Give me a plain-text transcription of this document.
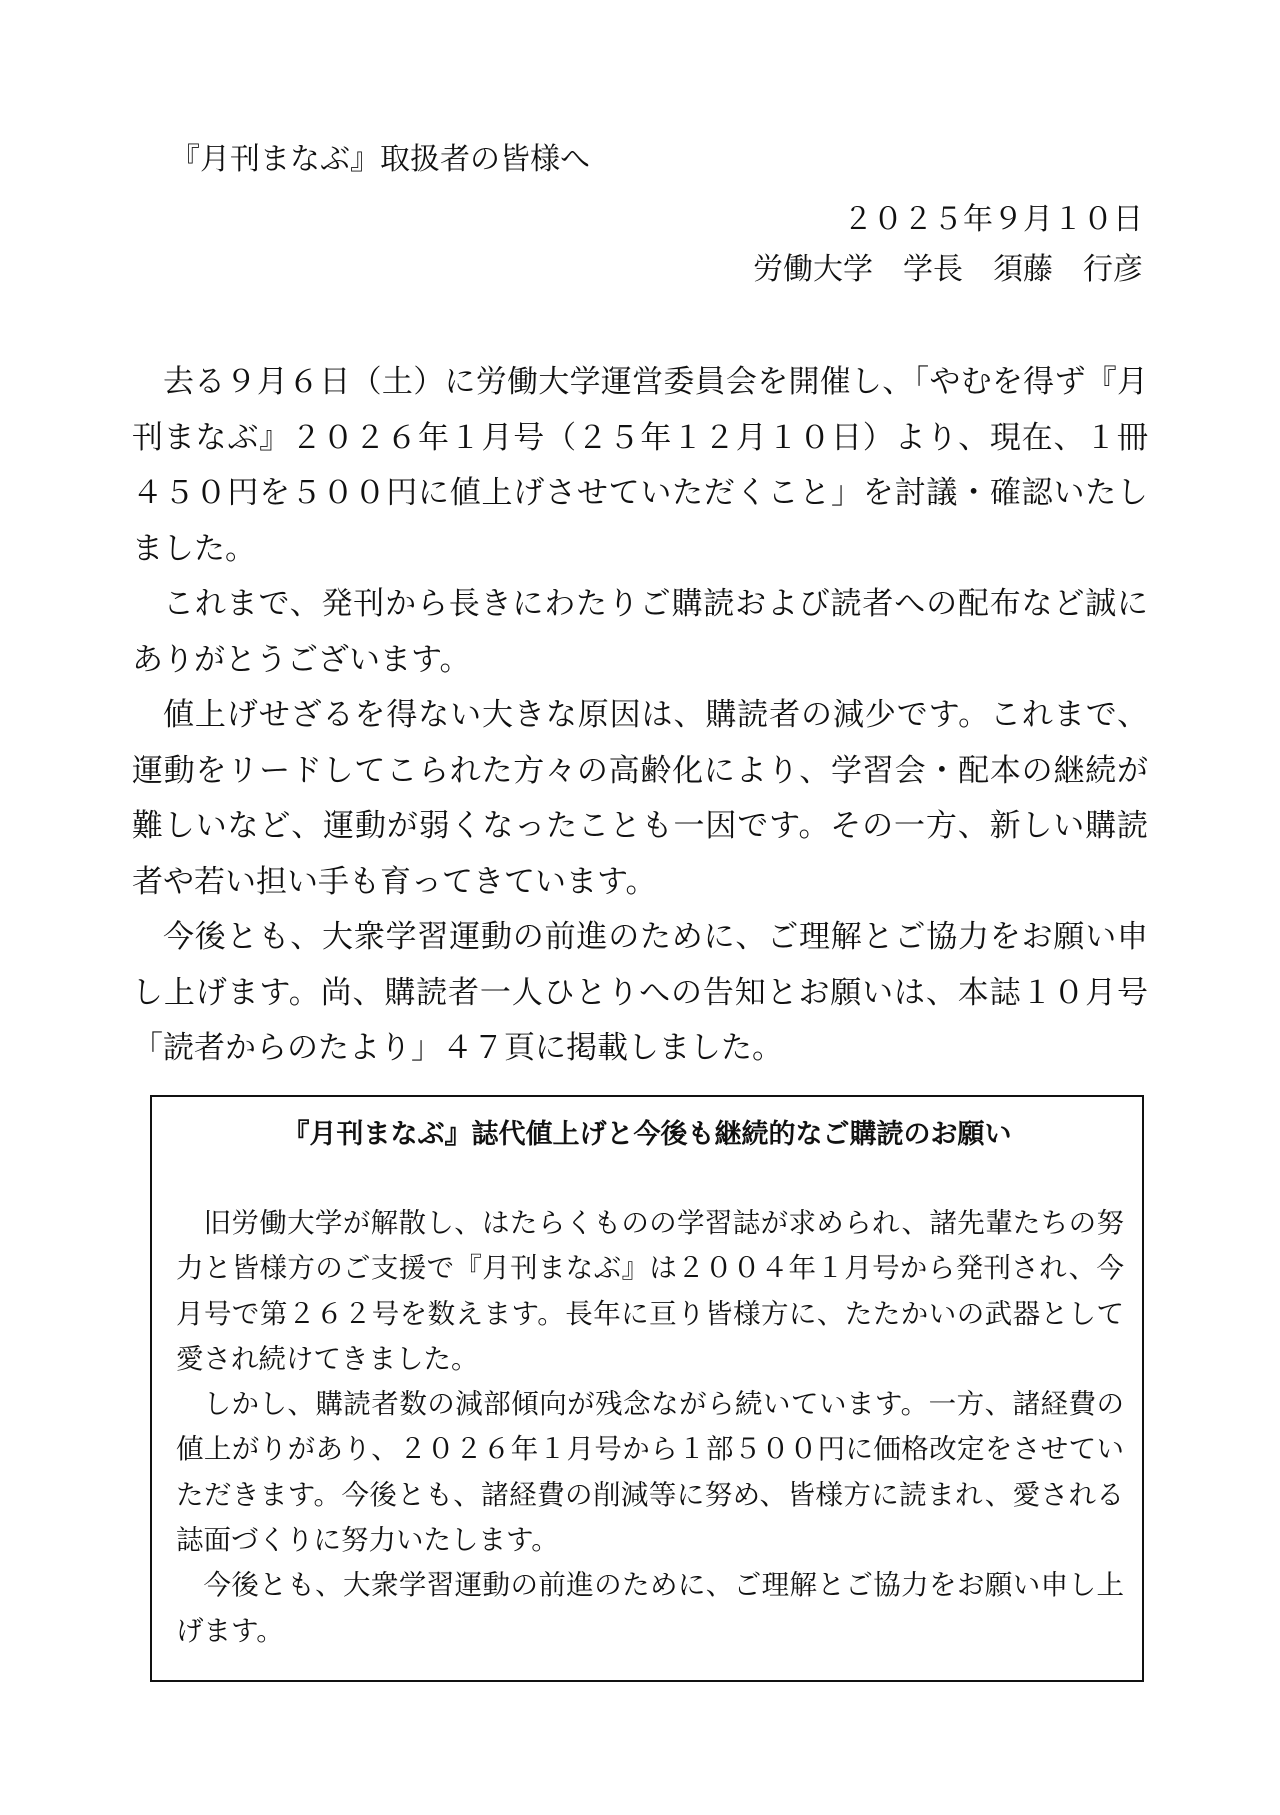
『月刊まなぶ』取扱者の皆様へ
２０２５年９月１０日
労働大学　学長　須藤　行彦

去る９月６日（土）に労働大学運営委員会を開催し、「やむを得ず『月刊まなぶ』２０２６年１月号（２５年１２月１０日）より、現在、１冊４５０円を５００円に値上げさせていただくこと」を討議・確認いたしました。

これまで、発刊から長きにわたりご購読および読者への配布など誠にありがとうございます。

値上げせざるを得ない大きな原因は、購読者の減少です。これまで、運動をリードしてこられた方々の高齢化により、学習会・配本の継続が難しいなど、運動が弱くなったことも一因です。その一方、新しい購読者や若い担い手も育ってきています。

今後とも、大衆学習運動の前進のために、ご理解とご協力をお願い申し上げます。尚、購読者一人ひとりへの告知とお願いは、本誌１０月号「読者からのたより」４７頁に掲載しました。

『月刊まなぶ』誌代値上げと今後も継続的なご購読のお願い

旧労働大学が解散し、はたらくものの学習誌が求められ、諸先輩たちの努力と皆様方のご支援で『月刊まなぶ』は２００４年１月号から発刊され、今月号で第２６２号を数えます。長年に亘り皆様方に、たたかいの武器として愛され続けてきました。

しかし、購読者数の減部傾向が残念ながら続いています。一方、諸経費の値上がりがあり、２０２６年１月号から１部５００円に価格改定をさせていただきます。今後とも、諸経費の削減等に努め、皆様方に読まれ、愛される誌面づくりに努力いたします。

今後とも、大衆学習運動の前進のために、ご理解とご協力をお願い申し上げます。
